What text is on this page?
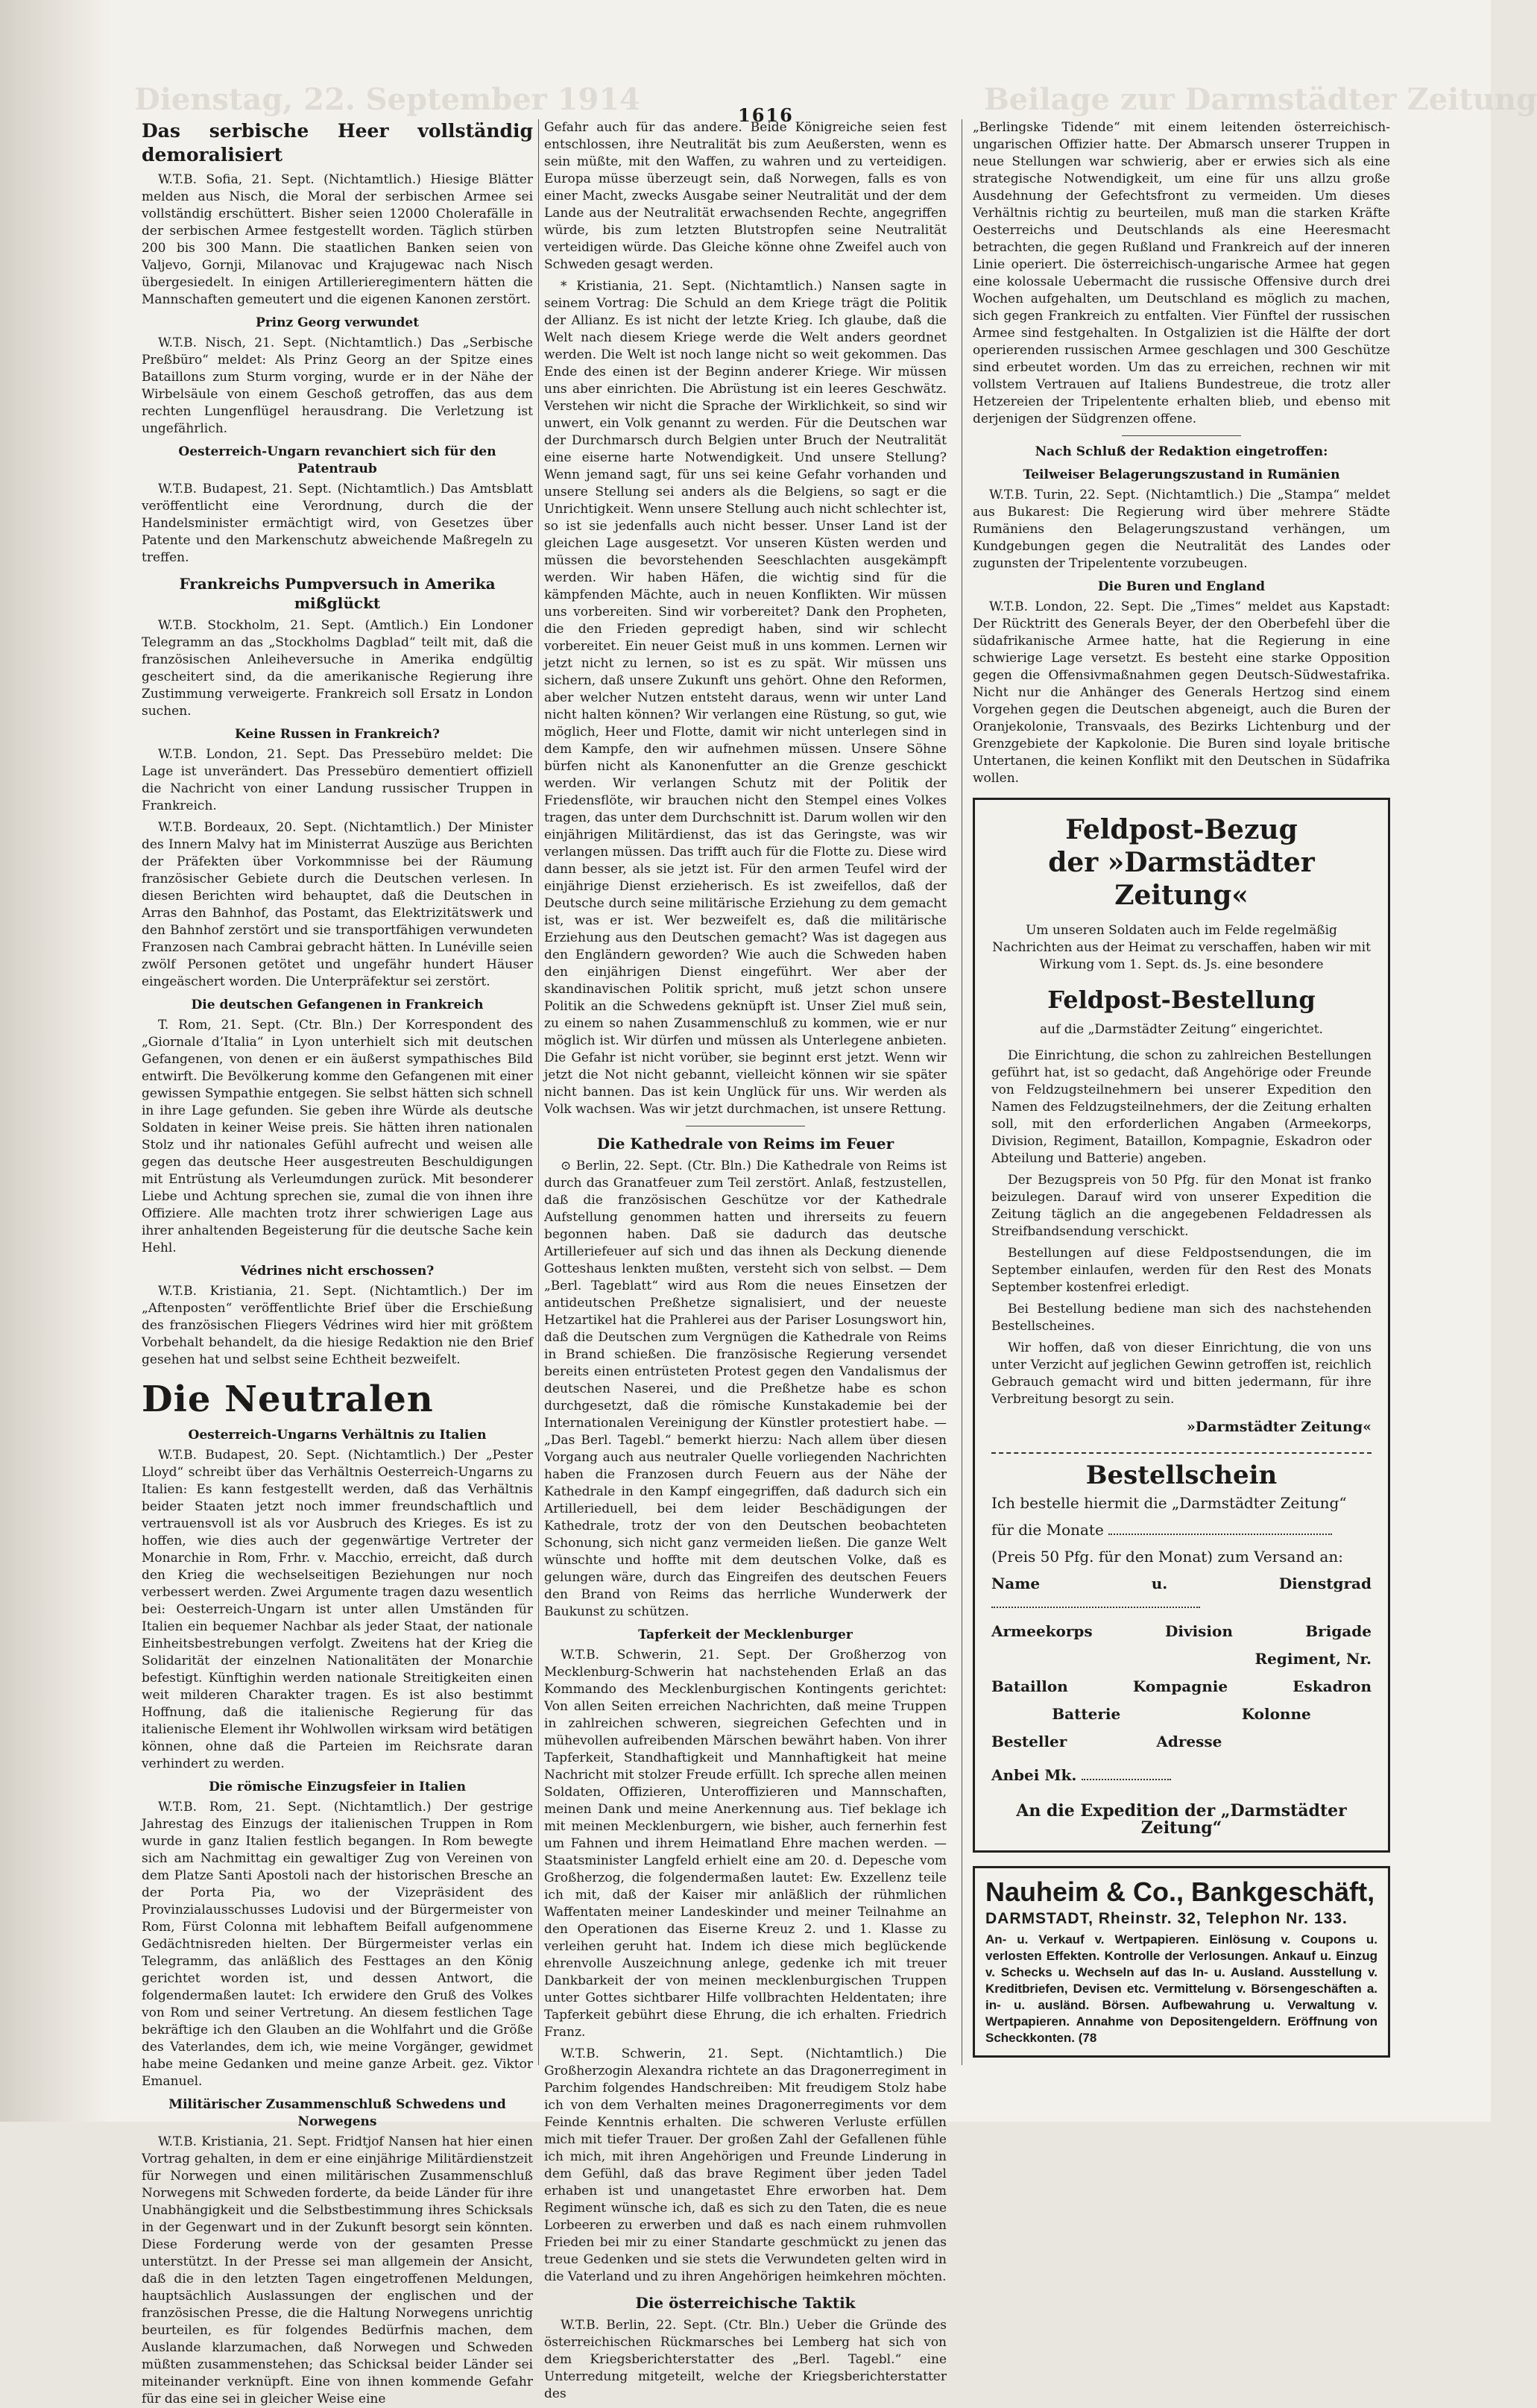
Dienstag, 22. September 1914	Beilage zur Darmstädter Zeitung
1616
Das serbische Heer vollständig demoralisiert

W.T.B. Sofia, 21. Sept. (Nichtamtlich.) Hiesige Blätter melden aus Nisch, die Moral der serbischen Armee sei vollständig erschüttert. Bisher seien 12000 Cholerafälle in der serbischen Armee festgestellt worden. Täglich stürben 200 bis 300 Mann. Die staatlichen Banken seien von Valjevo, Gornji, Milanovac und Krajugewac nach Nisch übergesiedelt. In einigen Artillerieregimentern hätten die Mannschaften gemeutert und die eigenen Kanonen zerstört.

Prinz Georg verwundet

W.T.B. Nisch, 21. Sept. (Nichtamtlich.) Das „Serbische Preßbüro“ meldet: Als Prinz Georg an der Spitze eines Bataillons zum Sturm vorging, wurde er in der Nähe der Wirbelsäule von einem Geschoß getroffen, das aus dem rechten Lungenflügel herausdrang. Die Verletzung ist ungefährlich.

Oesterreich-Ungarn revanchiert sich für den Patentraub

W.T.B. Budapest, 21. Sept. (Nichtamtlich.) Das Amtsblatt veröffentlicht eine Verordnung, durch die der Handelsminister ermächtigt wird, von Gesetzes über Patente und den Markenschutz abweichende Maßregeln zu treffen.

Frankreichs Pumpversuch in Amerika mißglückt

W.T.B. Stockholm, 21. Sept. (Amtlich.) Ein Londoner Telegramm an das „Stockholms Dagblad“ teilt mit, daß die französischen Anleiheversuche in Amerika endgültig gescheitert sind, da die amerikanische Regierung ihre Zustimmung verweigerte. Frankreich soll Ersatz in London suchen.

Keine Russen in Frankreich?

W.T.B. London, 21. Sept. Das Pressebüro meldet: Die Lage ist unverändert. Das Pressebüro dementiert offiziell die Nachricht von einer Landung russischer Truppen in Frankreich.

W.T.B. Bordeaux, 20. Sept. (Nichtamtlich.) Der Minister des Innern Malvy hat im Ministerrat Auszüge aus Berichten der Präfekten über Vorkommnisse bei der Räumung französischer Gebiete durch die Deutschen verlesen. In diesen Berichten wird behauptet, daß die Deutschen in Arras den Bahnhof, das Postamt, das Elektrizitätswerk und den Bahnhof zerstört und sie transportfähigen verwundeten Franzosen nach Cambrai gebracht hätten. In Lunéville seien zwölf Personen getötet und ungefähr hundert Häuser eingeäschert worden. Die Unterpräfektur sei zerstört.

Die deutschen Gefangenen in Frankreich

T. Rom, 21. Sept. (Ctr. Bln.) Der Korrespondent des „Giornale d’Italia“ in Lyon unterhielt sich mit deutschen Gefangenen, von denen er ein äußerst sympathisches Bild entwirft. Die Bevölkerung komme den Gefangenen mit einer gewissen Sympathie entgegen. Sie selbst hätten sich schnell in ihre Lage gefunden. Sie geben ihre Würde als deutsche Soldaten in keiner Weise preis. Sie hätten ihren nationalen Stolz und ihr nationales Gefühl aufrecht und weisen alle gegen das deutsche Heer ausgestreuten Beschuldigungen mit Entrüstung als Verleumdungen zurück. Mit besonderer Liebe und Achtung sprechen sie, zumal die von ihnen ihre Offiziere. Alle machten trotz ihrer schwierigen Lage aus ihrer anhaltenden Begeisterung für die deutsche Sache kein Hehl.

Védrines nicht erschossen?

W.T.B. Kristiania, 21. Sept. (Nichtamtlich.) Der im „Aftenposten“ veröffentlichte Brief über die Erschießung des französischen Fliegers Védrines wird hier mit größtem Vorbehalt behandelt, da die hiesige Redaktion nie den Brief gesehen hat und selbst seine Echtheit bezweifelt.

Die Neutralen
Oesterreich-Ungarns Verhältnis zu Italien

W.T.B. Budapest, 20. Sept. (Nichtamtlich.) Der „Pester Lloyd“ schreibt über das Verhältnis Oesterreich-Ungarns zu Italien: Es kann festgestellt werden, daß das Verhältnis beider Staaten jetzt noch immer freundschaftlich und vertrauensvoll ist als vor Ausbruch des Krieges. Es ist zu hoffen, wie dies auch der gegenwärtige Vertreter der Monarchie in Rom, Frhr. v. Macchio, erreicht, daß durch den Krieg die wechselseitigen Beziehungen nur noch verbessert werden. Zwei Argumente tragen dazu wesentlich bei: Oesterreich-Ungarn ist unter allen Umständen für Italien ein bequemer Nachbar als jeder Staat, der nationale Einheitsbestrebungen verfolgt. Zweitens hat der Krieg die Solidarität der einzelnen Nationalitäten der Monarchie befestigt. Künftighin werden nationale Streitigkeiten einen weit milderen Charakter tragen. Es ist also bestimmt Hoffnung, daß die italienische Regierung für das italienische Element ihr Wohlwollen wirksam wird betätigen können, ohne daß die Parteien im Reichsrate daran verhindert zu werden.

Die römische Einzugsfeier in Italien

W.T.B. Rom, 21. Sept. (Nichtamtlich.) Der gestrige Jahrestag des Einzugs der italienischen Truppen in Rom wurde in ganz Italien festlich begangen. In Rom bewegte sich am Nachmittag ein gewaltiger Zug von Vereinen von dem Platze Santi Apostoli nach der historischen Bresche an der Porta Pia, wo der Vizepräsident des Provinzialausschusses Ludovisi und der Bürgermeister von Rom, Fürst Colonna mit lebhaftem Beifall aufgenommene Gedächtnisreden hielten. Der Bürgermeister verlas ein Telegramm, das anläßlich des Festtages an den König gerichtet worden ist, und dessen Antwort, die folgendermaßen lautet: Ich erwidere den Gruß des Volkes von Rom und seiner Vertretung. An diesem festlichen Tage bekräftige ich den Glauben an die Wohlfahrt und die Größe des Vaterlandes, dem ich, wie meine Vorgänger, gewidmet habe meine Gedanken und meine ganze Arbeit. gez. Viktor Emanuel.

Militärischer Zusammenschluß Schwedens und Norwegens

W.T.B. Kristiania, 21. Sept. Fridtjof Nansen hat hier einen Vortrag gehalten, in dem er eine einjährige Militärdienstzeit für Norwegen und einen militärischen Zusammenschluß Norwegens mit Schweden forderte, da beide Länder für ihre Unabhängigkeit und die Selbstbestimmung ihres Schicksals in der Gegenwart und in der Zukunft besorgt sein könnten. Diese Forderung werde von der gesamten Presse unterstützt. In der Presse sei man allgemein der Ansicht, daß die in den letzten Tagen eingetroffenen Meldungen, hauptsächlich Auslassungen der englischen und der französischen Presse, die die Haltung Norwegens unrichtig beurteilen, es für folgendes Bedürfnis machen, dem Auslande klarzumachen, daß Norwegen und Schweden müßten zusammenstehen; das Schicksal beider Länder sei miteinander verknüpft. Eine von ihnen kommende Gefahr für das eine sei in gleicher Weise eine

Gefahr auch für das andere. Beide Königreiche seien fest entschlossen, ihre Neutralität bis zum Aeußersten, wenn es sein müßte, mit den Waffen, zu wahren und zu verteidigen. Europa müsse überzeugt sein, daß Norwegen, falls es von einer Macht, zwecks Ausgabe seiner Neutralität und der dem Lande aus der Neutralität erwachsenden Rechte, angegriffen würde, bis zum letzten Blutstropfen seine Neutralität verteidigen würde. Das Gleiche könne ohne Zweifel auch von Schweden gesagt werden.

* Kristiania, 21. Sept. (Nichtamtlich.) Nansen sagte in seinem Vortrag: Die Schuld an dem Kriege trägt die Politik der Allianz. Es ist nicht der letzte Krieg. Ich glaube, daß die Welt nach diesem Kriege werde die Welt anders geordnet werden. Die Welt ist noch lange nicht so weit gekommen. Das Ende des einen ist der Beginn anderer Kriege. Wir müssen uns aber einrichten. Die Abrüstung ist ein leeres Geschwätz. Verstehen wir nicht die Sprache der Wirklichkeit, so sind wir unwert, ein Volk genannt zu werden. Für die Deutschen war der Durchmarsch durch Belgien unter Bruch der Neutralität eine eiserne harte Notwendigkeit. Und unsere Stellung? Wenn jemand sagt, für uns sei keine Gefahr vorhanden und unsere Stellung sei anders als die Belgiens, so sagt er die Unrichtigkeit. Wenn unsere Stellung auch nicht schlechter ist, so ist sie jedenfalls auch nicht besser. Unser Land ist der gleichen Lage ausgesetzt. Vor unseren Küsten werden und müssen die bevorstehenden Seeschlachten ausgekämpft werden. Wir haben Häfen, die wichtig sind für die kämpfenden Mächte, auch in neuen Konflikten. Wir müssen uns vorbereiten. Sind wir vorbereitet? Dank den Propheten, die den Frieden gepredigt haben, sind wir schlecht vorbereitet. Ein neuer Geist muß in uns kommen. Lernen wir jetzt nicht zu lernen, so ist es zu spät. Wir müssen uns sichern, daß unsere Zukunft uns gehört. Ohne den Reformen, aber welcher Nutzen entsteht daraus, wenn wir unter Land nicht halten können? Wir verlangen eine Rüstung, so gut, wie möglich, Heer und Flotte, damit wir nicht unterlegen sind in dem Kampfe, den wir aufnehmen müssen. Unsere Söhne bürfen nicht als Kanonenfutter an die Grenze geschickt werden. Wir verlangen Schutz mit der Politik der Friedensflöte, wir brauchen nicht den Stempel eines Volkes tragen, das unter dem Durchschnitt ist. Darum wollen wir den einjährigen Militärdienst, das ist das Geringste, was wir verlangen müssen. Das trifft auch für die Flotte zu. Diese wird dann besser, als sie jetzt ist. Für den armen Teufel wird der einjährige Dienst erzieherisch. Es ist zweifellos, daß der Deutsche durch seine militärische Erziehung zu dem gemacht ist, was er ist. Wer bezweifelt es, daß die militärische Erziehung aus den Deutschen gemacht? Was ist dagegen aus den Engländern geworden? Wie auch die Schweden haben den einjährigen Dienst eingeführt. Wer aber der skandinavischen Politik spricht, muß jetzt schon unsere Politik an die Schwedens geknüpft ist. Unser Ziel muß sein, zu einem so nahen Zusammenschluß zu kommen, wie er nur möglich ist. Wir dürfen und müssen als Unterlegene anbieten. Die Gefahr ist nicht vorüber, sie beginnt erst jetzt. Wenn wir jetzt die Not nicht gebannt, vielleicht können wir sie später nicht bannen. Das ist kein Unglück für uns. Wir werden als Volk wachsen. Was wir jetzt durchmachen, ist unsere Rettung.

Die Kathedrale von Reims im Feuer

⊙ Berlin, 22. Sept. (Ctr. Bln.) Die Kathedrale von Reims ist durch das Granatfeuer zum Teil zerstört. Anlaß, festzustellen, daß die französischen Geschütze vor der Kathedrale Aufstellung genommen hatten und ihrerseits zu feuern begonnen haben. Daß sie dadurch das deutsche Artilleriefeuer auf sich und das ihnen als Deckung dienende Gotteshaus lenkten mußten, versteht sich von selbst. — Dem „Berl. Tageblatt“ wird aus Rom die neues Einsetzen der antideutschen Preßhetze signalisiert, und der neueste Hetzartikel hat die Prahlerei aus der Pariser Losungswort hin, daß die Deutschen zum Vergnügen die Kathedrale von Reims in Brand schießen. Die französische Regierung versendet bereits einen entrüsteten Protest gegen den Vandalismus der deutschen Naserei, und die Preßhetze habe es schon durchgesetzt, daß die römische Kunstakademie bei der Internationalen Vereinigung der Künstler protestiert habe. — „Das Berl. Tagebl.“ bemerkt hierzu: Nach allem über diesen Vorgang auch aus neutraler Quelle vorliegenden Nachrichten haben die Franzosen durch Feuern aus der Nähe der Kathedrale in den Kampf eingegriffen, daß dadurch sich ein Artillerieduell, bei dem leider Beschädigungen der Kathedrale, trotz der von den Deutschen beobachteten Schonung, sich nicht ganz vermeiden ließen. Die ganze Welt wünschte und hoffte mit dem deutschen Volke, daß es gelungen wäre, durch das Eingreifen des deutschen Feuers den Brand von Reims das herrliche Wunderwerk der Baukunst zu schützen.

Tapferkeit der Mecklenburger

W.T.B. Schwerin, 21. Sept. Der Großherzog von Mecklenburg-Schwerin hat nachstehenden Erlaß an das Kommando des Mecklenburgischen Kontingents gerichtet: Von allen Seiten erreichen Nachrichten, daß meine Truppen in zahlreichen schweren, siegreichen Gefechten und in mühevollen aufreibenden Märschen bewährt haben. Von ihrer Tapferkeit, Standhaftigkeit und Mannhaftigkeit hat meine Nachricht mit stolzer Freude erfüllt. Ich spreche allen meinen Soldaten, Offizieren, Unteroffizieren und Mannschaften, meinen Dank und meine Anerkennung aus. Tief beklage ich mit meinen Mecklenburgern, wie bisher, auch fernerhin fest um Fahnen und ihrem Heimatland Ehre machen werden. — Staatsminister Langfeld erhielt eine am 20. d. Depesche vom Großherzog, die folgendermaßen lautet: Ew. Exzellenz teile ich mit, daß der Kaiser mir anläßlich der rühmlichen Waffentaten meiner Landeskinder und meiner Teilnahme an den Operationen das Eiserne Kreuz 2. und 1. Klasse zu verleihen geruht hat. Indem ich diese mich beglückende ehrenvolle Auszeichnung anlege, gedenke ich mit treuer Dankbarkeit der von meinen mecklenburgischen Truppen unter Gottes sichtbarer Hilfe vollbrachten Heldentaten; ihre Tapferkeit gebührt diese Ehrung, die ich erhalten. Friedrich Franz.

W.T.B. Schwerin, 21. Sept. (Nichtamtlich.) Die Großherzogin Alexandra richtete an das Dragonerregiment in Parchim folgendes Handschreiben: Mit freudigem Stolz habe ich von dem Verhalten meines Dragonerregiments vor dem Feinde Kenntnis erhalten. Die schweren Verluste erfüllen mich mit tiefer Trauer. Der großen Zahl der Gefallenen fühle ich mich, mit ihren Angehörigen und Freunde Linderung in dem Gefühl, daß das brave Regiment über jeden Tadel erhaben ist und unangetastet Ehre erworben hat. Dem Regiment wünsche ich, daß es sich zu den Taten, die es neue Lorbeeren zu erwerben und daß es nach einem ruhmvollen Frieden bei mir zu einer Standarte geschmückt zu jenen das treue Gedenken und sie stets die Verwundeten gelten wird in die Vaterland und zu ihren Angehörigen heimkehren möchten.

Die österreichische Taktik

W.T.B. Berlin, 22. Sept. (Ctr. Bln.) Ueber die Gründe des österreichischen Rückmarsches bei Lemberg hat sich von dem Kriegsberichterstatter des „Berl. Tagebl.“ eine Unterredung mitgeteilt, welche der Kriegsberichterstatter des

„Berlingske Tidende“ mit einem leitenden österreichisch-ungarischen Offizier hatte. Der Abmarsch unserer Truppen in neue Stellungen war schwierig, aber er erwies sich als eine strategische Notwendigkeit, um eine für uns allzu große Ausdehnung der Gefechtsfront zu vermeiden. Um dieses Verhältnis richtig zu beurteilen, muß man die starken Kräfte Oesterreichs und Deutschlands als eine Heeresmacht betrachten, die gegen Rußland und Frankreich auf der inneren Linie operiert. Die österreichisch-ungarische Armee hat gegen eine kolossale Uebermacht die russische Offensive durch drei Wochen aufgehalten, um Deutschland es möglich zu machen, sich gegen Frankreich zu entfalten. Vier Fünftel der russischen Armee sind festgehalten. In Ostgalizien ist die Hälfte der dort operierenden russischen Armee geschlagen und 300 Geschütze sind erbeutet worden. Um das zu erreichen, rechnen wir mit vollstem Vertrauen auf Italiens Bundestreue, die trotz aller Hetzereien der Tripelentente erhalten blieb, und ebenso mit derjenigen der Südgrenzen offene.

Nach Schluß der Redaktion eingetroffen:
Teilweiser Belagerungszustand in Rumänien

W.T.B. Turin, 22. Sept. (Nichtamtlich.) Die „Stampa“ meldet aus Bukarest: Die Regierung wird über mehrere Städte Rumäniens den Belagerungszustand verhängen, um Kundgebungen gegen die Neutralität des Landes oder zugunsten der Tripelentente vorzubeugen.

Die Buren und England

W.T.B. London, 22. Sept. Die „Times“ meldet aus Kapstadt: Der Rücktritt des Generals Beyer, der den Oberbefehl über die südafrikanische Armee hatte, hat die Regierung in eine schwierige Lage versetzt. Es besteht eine starke Opposition gegen die Offensivmaßnahmen gegen Deutsch-Südwestafrika. Nicht nur die Anhänger des Generals Hertzog sind einem Vorgehen gegen die Deutschen abgeneigt, auch die Buren der Oranjekolonie, Transvaals, des Bezirks Lichtenburg und der Grenzgebiete der Kapkolonie. Die Buren sind loyale britische Untertanen, die keinen Konflikt mit den Deutschen in Südafrika wollen.

Feldpost-Bezug
der »Darmstädter Zeitung«
Um unseren Soldaten auch im Felde regelmäßig Nachrichten aus der Heimat zu verschaffen, haben wir mit Wirkung vom 1. Sept. ds. Js. eine besondere
Feldpost-Bestellung
auf die „Darmstädter Zeitung“ eingerichtet.

Die Einrichtung, die schon zu zahlreichen Bestellungen geführt hat, ist so gedacht, daß Angehörige oder Freunde von Feldzugsteilnehmern bei unserer Expedition den Namen des Feldzugsteilnehmers, der die Zeitung erhalten soll, mit den erforderlichen Angaben (Armeekorps, Division, Regiment, Bataillon, Kompagnie, Eskadron oder Abteilung und Batterie) angeben.

Der Bezugspreis von 50 Pfg. für den Monat ist franko beizulegen. Darauf wird von unserer Expedition die Zeitung täglich an die angegebenen Feldadressen als Streifbandsendung verschickt.

Bestellungen auf diese Feldpostsendungen, die im September einlaufen, werden für den Rest des Monats September kostenfrei erledigt.

Bei Bestellung bediene man sich des nachstehenden Bestellscheines.

Wir hoffen, daß von dieser Einrichtung, die von uns unter Verzicht auf jeglichen Gewinn getroffen ist, reichlich Gebrauch gemacht wird und bitten jedermann, für ihre Verbreitung besorgt zu sein.

»Darmstädter Zeitung«
Bestellschein
Ich bestelle hiermit die „Darmstädter Zeitung“
für die Monate
(Preis 50 Pfg. für den Monat) zum Versand an:
Name u. Dienstgrad
Armeekorps	Division	Brigade
Regiment, Nr.
Bataillon	Kompagnie	Eskadron
Batterie	Kolonne
Besteller	Adresse
Anbei Mk.
An die Expedition der „Darmstädter Zeitung“
Nauheim & Co., Bankgeschäft,
DARMSTADT, Rheinstr. 32, Telephon Nr. 133.
An- u. Verkauf v. Wertpapieren. Einlösung v. Coupons u. verlosten Effekten. Kontrolle der Verlosungen. Ankauf u. Einzug v. Schecks u. Wechseln auf das In- u. Ausland. Ausstellung v. Kreditbriefen, Devisen etc. Vermittelung v. Börsengeschäften a. in- u. ausländ. Börsen. Aufbewahrung u. Verwaltung v. Wertpapieren. Annahme von Depositengeldern. Eröffnung von Scheckkonten. (78
